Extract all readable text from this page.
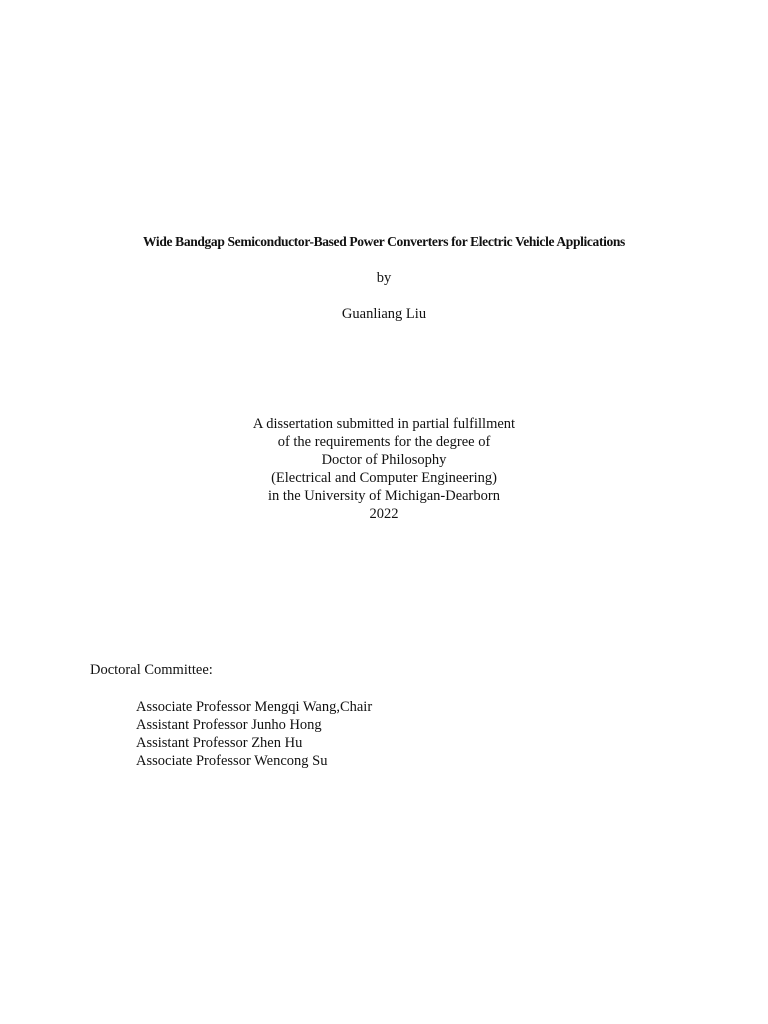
Wide Bandgap Semiconductor-Based Power Converters for Electric Vehicle Applications
by
Guanliang Liu
A dissertation submitted in partial fulfillment
of the requirements for the degree of
Doctor of Philosophy
(Electrical and Computer Engineering)
in the University of Michigan-Dearborn
2022
Doctoral Committee:
Associate Professor Mengqi Wang,Chair
Assistant Professor Junho Hong
Assistant Professor Zhen Hu
Associate Professor Wencong Su
